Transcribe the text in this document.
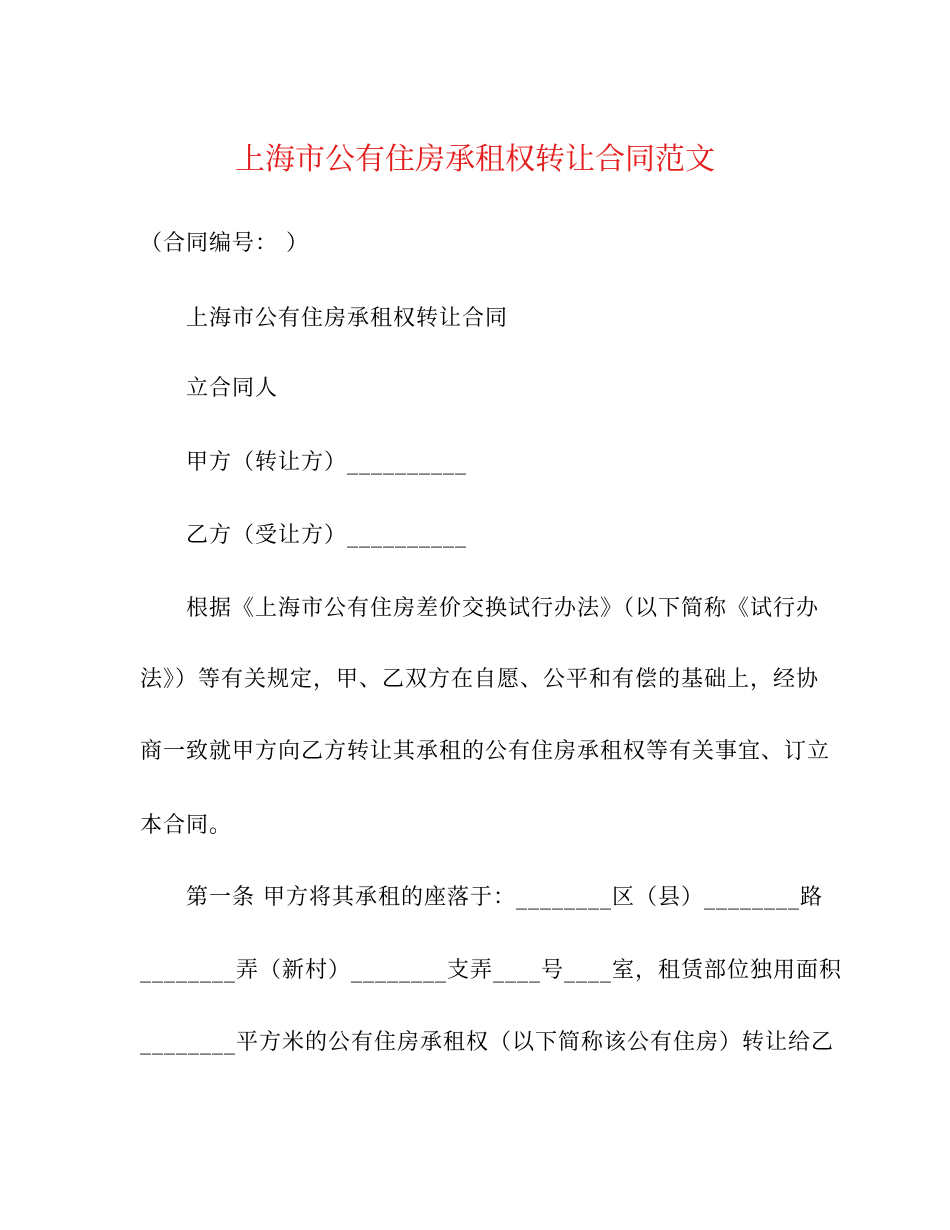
上海市公有住房承租权转让合同范文
（合同编号： ）
上海市公有住房承租权转让合同
立合同人
甲方（转让方）__________
乙方（受让方）__________
根据《上海市公有住房差价交换试行办法》（以下简称《试行办
法》）等有关规定，甲、乙双方在自愿、公平和有偿的基础上，经协
商一致就甲方向乙方转让其承租的公有住房承租权等有关事宜、订立
本合同。
第一条 甲方将其承租的座落于：________区（县）________路
________弄（新村）________支弄____号____室，租赁部位独用面积
________平方米的公有住房承租权（以下简称该公有住房）转让给乙
